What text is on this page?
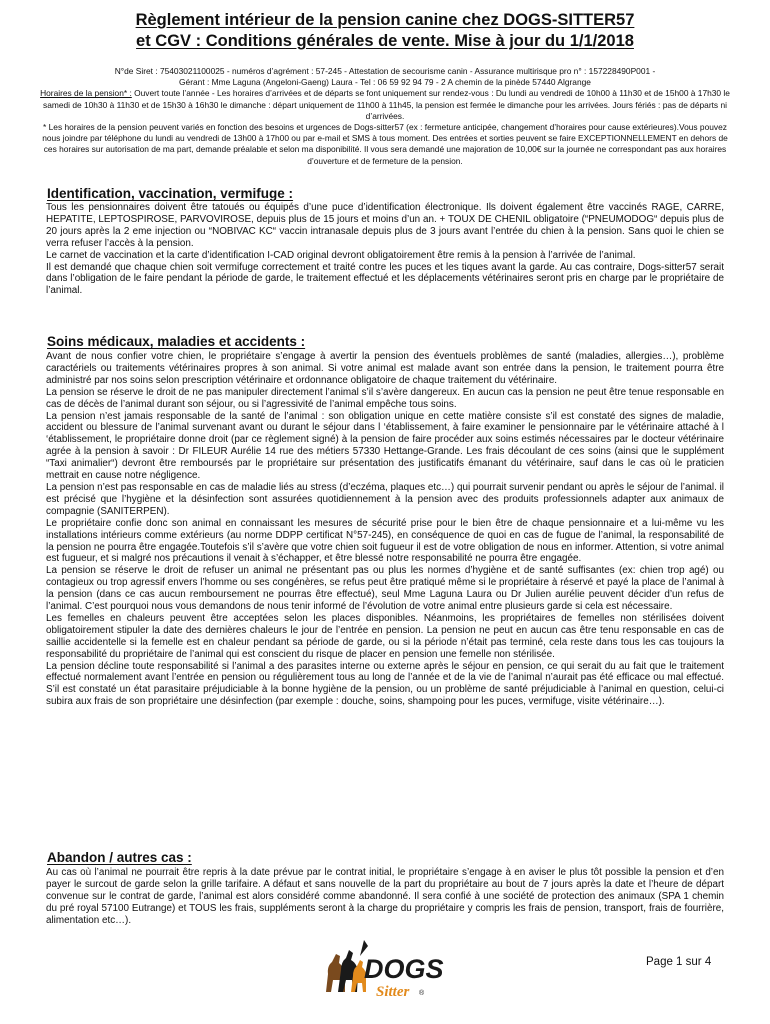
Règlement intérieur de la pension canine chez DOGS-SITTER57
et CGV : Conditions générales de vente. Mise à jour du 1/1/2018

N°de Siret : 75403021100025 - numéros d’agrément : 57-245 - Attestation de secourisme canin - Assurance multirisque pro n° : 157228490P001 -

Gérant : Mme Laguna (Angeloni-Gaeng) Laura - Tel : 06 59 92 94 79 - 2 A chemin de la pinède 57440 Algrange

Horaires de la pension* : Ouvert toute l’année - Les horaires d’arrivées et de départs se font uniquement sur rendez-vous : Du lundi au vendredi de 10h00 à 11h30 et de 15h00 à 17h30 le samedi de 10h30 à 11h30 et de 15h30 à 16h30 le dimanche : départ uniquement de 11h00 à 11h45, la pension est fermée le dimanche pour les arrivées. Jours fériés : pas de départs ni d’arrivées.

* Les horaires de la pension peuvent variés en fonction des besoins et urgences de Dogs-sitter57 (ex : fermeture anticipée, changement d’horaires pour cause extérieures).Vous pouvez nous joindre par téléphone du lundi au vendredi de 13h00 à 17h00 ou par e-mail et SMS à tous moment. Des entrées et sorties peuvent se faire EXCEPTIONNELLEMENT en dehors de ces horaires sur autorisation de ma part, demande préalable et selon ma disponibilité. Il vous sera demandé une majoration de 10,00€ sur la journée ne correspondant pas aux horaires d’ouverture et de fermeture de la pension.

Identification, vaccination, vermifuge :

Tous les pensionnaires doivent être tatoués ou équipés d’une puce d’identification électronique. Ils doivent également être vaccinés RAGE, CARRE, HEPATITE, LEPTOSPIROSE, PARVOVIROSE, depuis plus de 15 jours et moins d’un an. + TOUX DE CHENIL obligatoire (“PNEUMODOG“ depuis plus de 20 jours après la 2 eme injection ou “NOBIVAC KC“ vaccin intranasale depuis plus de 3 jours avant l’entrée du chien à la pension. Sans quoi le chien se verra refuser l’accès à la pension.

Le carnet de vaccination et la carte d’identification I-CAD original devront obligatoirement être remis à la pension à l’arrivée de l’animal.

Il est demandé que chaque chien soit vermifuge correctement et traité contre les puces et les tiques avant la garde. Au cas contraire, Dogs-sitter57 serait dans l’obligation de le faire pendant la période de garde, le traitement effectué et les déplacements vétérinaires seront pris en charge par le propriétaire de l’animal.

Soins médicaux, maladies et accidents :

Avant de nous confier votre chien, le propriétaire s’engage à avertir la pension des éventuels problèmes de santé (maladies, allergies…), problème caractériels ou traitements vétérinaires propres à son animal. Si votre animal est malade avant son entrée dans la pension, le traitement pourra être administré par nos soins selon prescription vétérinaire et ordonnance obligatoire de chaque traitement du vétérinaire.

La pension se réserve le droit de ne pas manipuler directement l’animal s’il s’avère dangereux. En aucun cas la pension ne peut être tenue responsable en cas de décès de l’animal durant son séjour, ou si l’agressivité de l’animal empêche tous soins.

La pension n’est jamais responsable de la santé de l’animal : son obligation unique en cette matière consiste s’il est constaté des signes de maladie, accident ou blessure de l’animal survenant avant ou durant le séjour dans l ‘établissement, à faire examiner le pensionnaire par le vétérinaire attaché à l ‘établissement, le propriétaire donne droit (par ce règlement signé) à la pension de faire procéder aux soins estimés nécessaires par le docteur vétérinaire agrée à la pension à savoir : Dr FILEUR Aurélie 14 rue des métiers 57330 Hettange-Grande. Les frais découlant de ces soins (ainsi que le supplément “Taxi animalier“) devront être remboursés par le propriétaire sur présentation des justificatifs émanant du vétérinaire, sauf dans le cas où le praticien mettrait en cause notre négligence.

La pension n’est pas responsable en cas de maladie liés au stress (d’eczéma, plaques etc…) qui pourrait survenir pendant ou après le séjour de l’animal. il est précisé que l’hygiène et la désinfection sont assurées quotidiennement à la pension avec des produits professionnels adapter aux animaux de compagnie (SANITERPEN).

Le propriétaire confie donc son animal en connaissant les mesures de sécurité prise pour le bien être de chaque pensionnaire et a lui-même vu les installations intérieurs comme extérieurs (au norme DDPP certificat N°57-245), en conséquence de quoi en cas de fugue de l’animal, la responsabilité de la pension ne pourra être engagée.Toutefois s’il s’avère que votre chien soit fugueur il est de votre obligation de nous en informer. Attention, si votre animal est fugueur, et si malgré nos précautions il venait à s’échapper, et être blessé notre responsabilité ne pourra être engagée.

La pension se réserve le droit de refuser un animal ne présentant pas ou plus les normes d’hygiène et de santé suffisantes (ex: chien trop agé) ou contagieux ou trop agressif envers l’homme ou ses congénères, se refus peut être pratiqué même si le propriétaire à réservé et payé la place de l’animal à la pension (dans ce cas aucun remboursement ne pourras être effectué), seul Mme Laguna Laura ou Dr Julien aurélie peuvent décider d’un refus de l’animal. C’est pourquoi nous vous demandons de nous tenir informé de l’évolution de votre animal entre plusieurs garde si cela est nécessaire.

Les femelles en chaleurs peuvent être acceptées selon les places disponibles. Néanmoins, les propriétaires de femelles non stérilisées doivent obligatoirement stipuler la date des dernières chaleurs le jour de l’entrée en pension. La pension ne peut en aucun cas être tenu responsable en cas de saillie accidentelle si la femelle est en chaleur pendant sa période de garde, ou si la période n’était pas terminé, cela reste dans tous les cas toujours la responsabilité du propriétaire de l’animal qui est conscient du risque de placer en pension une femelle non stérilisée.

La pension décline toute responsabilité si l’animal a des parasites interne ou externe après le séjour en pension, ce qui serait du au fait que le traitement effectué normalement avant l’entrée en pension ou régulièrement tous au long de l’année et de la vie de l’animal n’aurait pas été efficace ou mal effectué. S’il est constaté un état parasitaire préjudiciable à la bonne hygiène de la pension, ou un problème de santé préjudiciable à l’animal en question, celui-ci subira aux frais de son propriétaire une désinfection (par exemple : douche, soins, shampoing pour les puces, vermifuge, visite vétérinaire…).

Abandon / autres cas :

Au cas où l’animal ne pourrait être repris à la date prévue par le contrat initial, le propriétaire s’engage à en aviser le plus tôt possible la pension et d’en payer le surcout de garde selon la grille tarifaire. A défaut et sans nouvelle de la part du propriétaire au bout de 7 jours après la date et l’heure de départ convenue sur le contrat de garde, l’animal est alors considéré comme abandonné. Il sera confié à une société de protection des animaux (SPA 1 chemin du pré royal 57100 Eutrange) et TOUS les frais, suppléments seront à la charge du propriétaire y compris les frais de pension, transport, frais de fourrière, alimentation etc…).

DOGS
Sitter ®
Page 1 sur 4
